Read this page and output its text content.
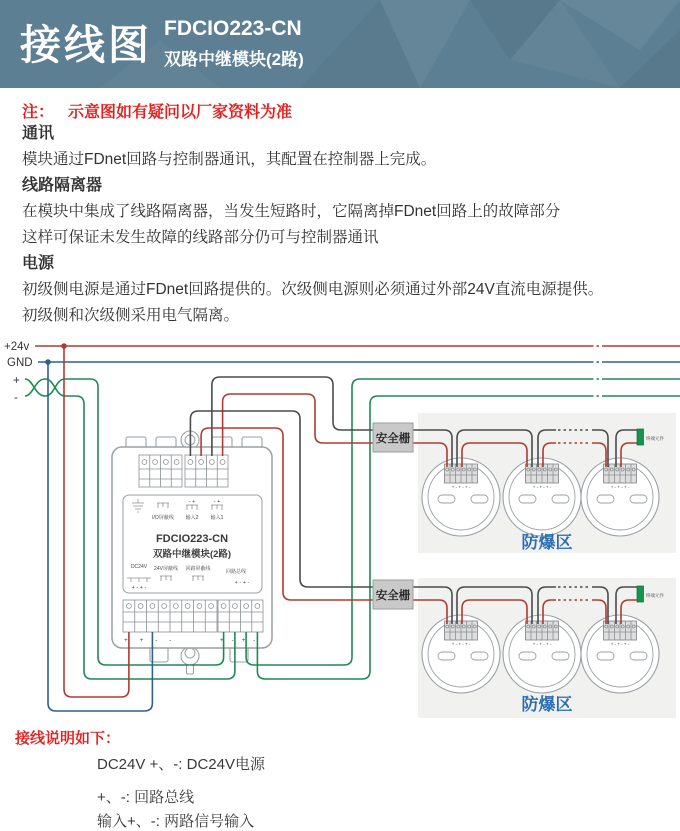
接线图 FDCIO223-CN
双路中继模块(2路)
注： 示意图如有疑问以厂家资料为准
通讯
模块通过FDnet回路与控制器通讯，其配置在控制器上完成。
线路隔离器
在模块中集成了线路隔离器，当发生短路时，它隔离掉FDnet回路上的故障部分
这样可保证未发生故障的线路部分仍可与控制器通讯
电源
初级侧电源是通过FDnet回路提供的。次级侧电源则必须通过外部24V直流电源提供。
初级侧和次级侧采用电气隔离。
+ + - -	+ - + -
- +	- +
I/O屏蔽线 输入2 输入1
FDCIO223-CN
双路中继模块(2路)
DC24V 24V屏蔽线 回路屏蔽线	回路总线
+ - + -
+ - + -
终端元件
终端元件
安全栅
安全栅
防爆区
防爆区
+24v
GND
+
-
接线说明如下：
DC24V +、-: DC24V电源
+、-: 回路总线
输入+、-: 两路信号输入
